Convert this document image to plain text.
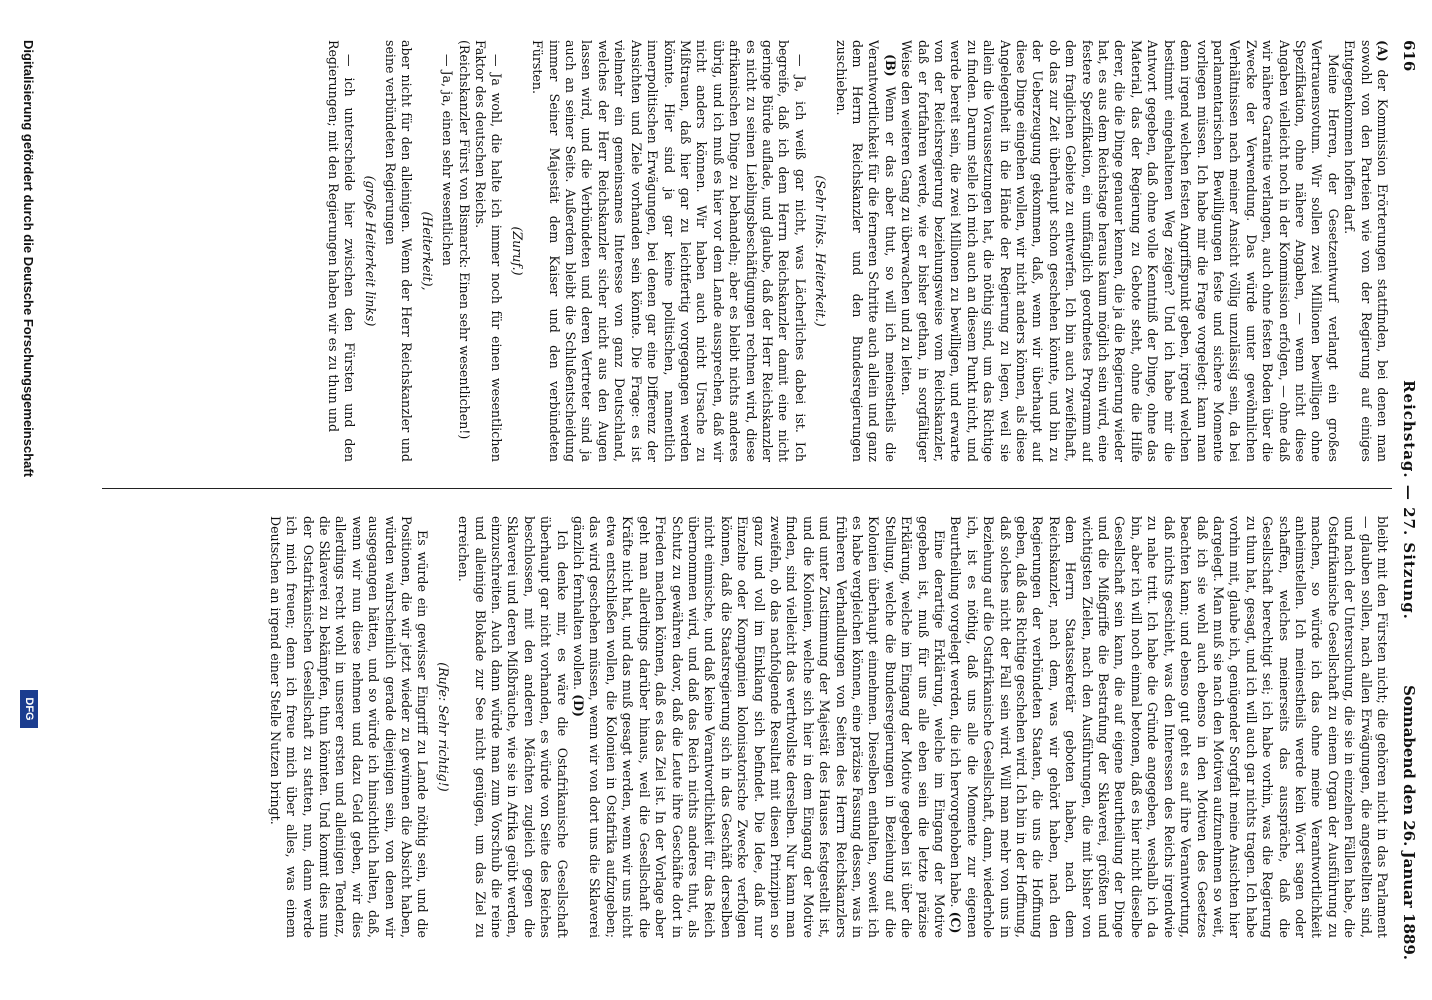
616
Reichstag. — 27. Sitzung.
Sonnabend den 26. Januar 1889.

(A) der Kommission Erörterungen stattfinden, bei denen man sowohl von den Parteien wie von der Regierung auf einiges Entgegenkommen hoffen darf.

Meine Herren, der Gesetzentwurf verlangt ein großes Vertrauensvotum. Wir sollen zwei Millionen bewilligen ohne Spezifikation, ohne nähere Angaben, — wenn nicht diese Angaben vielleicht noch in der Kommission erfolgen, — ohne daß wir nähere Garantie verlangen, auch ohne festen Boden über die Zwecke der Verwendung. Das würde unter gewöhnlichen Verhältnissen nach meiner Ansicht völlig unzulässig sein, da bei parlamentarischen Bewilligungen feste und sichere Momente vorliegen müssen. Ich habe mir die Frage vorgelegt: kann man denn irgend welchen festen Angriffspunkt geben, irgend welchen bestimmt eingehaltenen Weg zeigen? Und ich habe mir die Antwort gegeben, daß ohne volle Kenntniß der Dinge, ohne das Material, das der Regierung zu Gebote steht, ohne die Hilfe derer, die die Dinge genauer kennen, die ja die Regierung wieder hat, es aus dem Reichstage heraus kaum möglich sein wird, eine festere Spezifikation, ein umfänglich geordnetes Programm auf dem fraglichen Gebiete zu entwerfen. Ich bin auch zweifelhaft, ob das zur Zeit überhaupt schon geschehen könnte, und bin zu der Ueberzeugung gekommen, daß, wenn wir überhaupt auf diese Dinge eingehen wollen, wir nicht anders können, als diese Angelegenheit in die Hände der Regierung zu legen, weil sie allein die Voraussetzungen hat, die nöthig sind, um das Richtige zu finden. Darum stelle ich mich auch an diesem Punkt nicht, und werde bereit sein, die zwei Millionen zu bewilligen, und erwarte von der Reichsregierung beziehungsweise vom Reichskanzler, daß er fortfahren werde, wie er bisher gethan, in sorgfältiger Weise den weiteren Gang zu überwachen und zu leiten.

(B) Wenn er das aber thut, so will ich meinestheils die Verantwortlichkeit für die ferneren Schritte auch allein und ganz dem Herrn Reichskanzler und den Bundesregierungen zuschieben.

(Sehr links. Heiterkeit.)

— Ja, ich weiß gar nicht, was Lächerliches dabei ist. Ich begreife, daß ich dem Herrn Reichskanzler damit eine nicht geringe Bürde auflade, und glaube, daß der Herr Reichskanzler es nicht zu seinen Lieblingsbeschäftigungen rechnen wird, diese afrikanischen Dinge zu behandeln; aber es bleibt nichts anderes übrig, und ich muß es hier vor dem Lande aussprechen, daß wir nicht anders können. Wir haben auch nicht Ursache zu Mißtrauen, daß hier gar zu leichtfertig vorgegangen werden könnte. Hier sind ja gar keine politischen, namentlich innerpolitischen Erwägungen, bei denen gar eine Differenz der Ansichten und Ziele vorhanden sein könnte. Die Frage: es ist vielmehr ein gemeinsames Interesse von ganz Deutschland, welches der Herr Reichskanzler sicher nicht aus den Augen lassen wird, und die Verbündeten und deren Vertreter sind ja auch an seiner Seite. Außerdem bleibt die Schlußentscheidung immer Seiner Majestät dem Kaiser und den verbündeten Fürsten.

(Zuruf.)

— Ja wohl, die halte ich immer noch für einen wesentlichen Faktor des deutschen Reichs.

(Reichskanzler Fürst von Bismarck: Einen sehr wesentlichen!)

— Ja, ja, einen sehr wesentlichen

(Heiterkeit),

aber nicht für den alleinigen. Wenn der Herr Reichskanzler und seine verbündeten Regierungen

(große Heiterkeit links)

— ich unterscheide hier zwischen den Fürsten und den Regierungen; mit den Regierungen haben wir es zu thun und

bleibt mit den Fürsten nicht; die gehören nicht in das Parlament — glauben sollen, nach allen Erwägungen, die angestellten sind, und nach der Untersuchung, die sie in einzelnen Fällen habe, die Ostafrikanische Gesellschaft zu einem Organ der Ausführung zu machen, so würde ich das ohne meine Verantwortlichkeit anheimstellen. Ich meinestheils werde kein Wort sagen oder schaffen, welches meinerseits das ausspräche, daß die Gesellschaft berechtigt sei; ich habe vorhin, was die Regierung zu thun hat, gesagt, und ich will auch gar nichts tragen. Ich habe vorhin mit, glaube ich, genügender Sorgfalt meine Ansichten hier dargelegt. Man muß sie nach den Motiven aufzunehmen so weit, daß ich sie wohl auch ebenso in den Motiven des Gesetzes beachten kann; und ebenso gut geht es auf ihre Verantwortung, daß nichts geschieht, was den Interessen des Reichs irgendwie zu nahe tritt. Ich habe die Gründe angegeben, weshalb ich da bin, aber ich will noch einmal betonen, daß es hier nicht dieselbe Gesellschaft sein kann, die auf eigene Beurtheilung der Dinge und die Mißgriffe die Bestrafung der Sklaverei, größten und wichtigsten Zielen, nach den Ausführungen, die mit bisher von dem Herrn Staatssekretär geboten haben, nach dem Reichskanzler, nach dem, was wir gehört haben, nach den Regierungen der verbündeten Staaten, die uns die Hoffnung geben, daß das Richtige geschehen wird. Ich bin in der Hoffnung, daß solches nicht der Fall sein wird. Will man mehr von uns in Beziehung auf die Ostafrikanische Gesellschaft, dann, wiederhole ich, ist es nöthig, daß uns alle die Momente zur eigenen Beurtheilung vorgelegt werden, die ich hervorgehoben habe. (C)

Eine derartige Erklärung, welche im Eingang der Motive gegeben ist, muß für uns alle eben sein die letzte präzise Erklärung, welche im Eingang der Motive gegeben ist über die Stellung, welche die Bundesregierungen in Beziehung auf die Kolonien überhaupt einnehmen. Dieselben enthalten, soweit ich es habe vergleichen können, eine präzise Fassung dessen, was in früheren Verhandlungen von Seiten des Herrn Reichskanzlers und unter Zustimmung der Majestät des Hauses festgestellt ist, und die Kolonien, welche sich hier in dem Eingang der Motive finden, sind vielleicht das werthvollste derselben. Nur kann man zweifeln, ob das nachfolgende Resultat mit diesen Prinzipien so ganz und voll im Einklang sich befindet. Die Idee, daß nur Einzelne oder Kompagnien kolonisatorische Zwecke verfolgen können, daß die Staatsregierung sich in das Geschäft derselben nicht einmische, und daß keine Verantwortlichkeit für das Reich übernommen wird, und daß das Reich nichts anderes thut, als Schutz zu gewähren davor, daß die Leute ihre Geschäfte dort in Frieden machen können, daß es das Ziel ist. In der Vorlage aber geht man allerdings darüber hinaus, weil die Gesellschaft die Kräfte nicht hat, und das muß gesagt werden, wenn wir uns nicht etwa entschließen wollen, die Kolonien in Ostafrika aufzugeben; das wird geschehen müssen, wenn wir von dort uns die Sklaverei gänzlich fernhalten wollen. (D)

Ich denke mir, es wäre die Ostafrikanische Gesellschaft überhaupt gar nicht vorhanden, es würde von Seite des Reiches beschlossen, mit den anderen Mächten zugleich gegen die Sklaverei und deren Mißbräuche, wie sie in Afrika geübt werden, einzuschreiten. Auch dann würde man zum Vorschub die reine und alleinige Blokade zur See nicht genügen, um das Ziel zu erreichen.

(Rufe: Sehr richtig!)

Es würde ein gewisser Eingriff zu Lande nöthig sein, und die Positionen, die wir jetzt wieder zu gewinnen die Absicht haben, würden wahrscheinlich gerade diejenigen sein, von denen wir ausgegangen hätten, und so würde ich hinsichtlich halten, daß, wenn wir nun diese nehmen und dazu Geld geben, wir dies allerdings recht wohl in unserer ersten und alleinigen Tendenz, die Sklaverei zu bekämpfen, thun könnten. Und kommt dies nun der Ostafrikanischen Gesellschaft zu statten, nun, dann werde ich mich freuen; denn ich freue mich über alles, was einem Deutschen an irgend einer Stelle Nutzen bringt.

Digitalisierung gefördert durch die Deutsche Forschungsgemeinschaft
DFG
